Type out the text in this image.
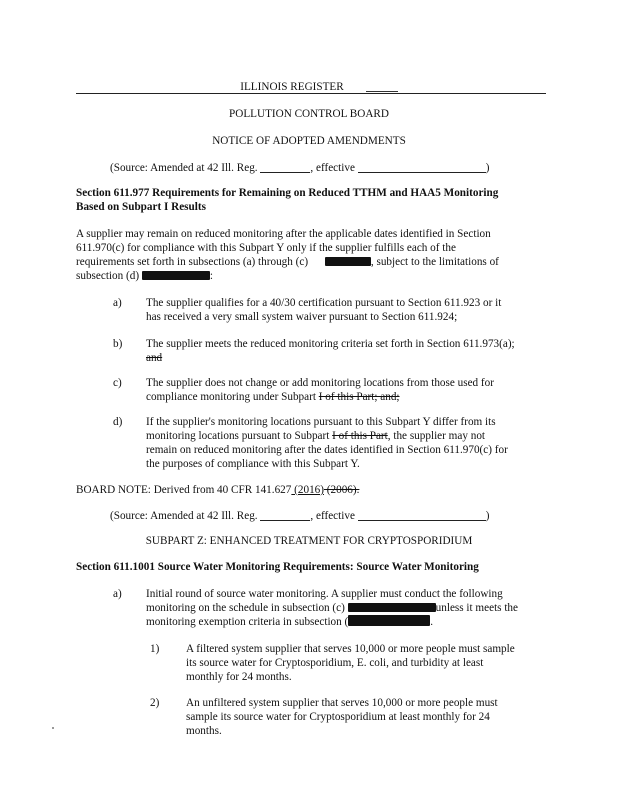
ILLINOIS REGISTER
POLLUTION CONTROL BOARD
NOTICE OF ADOPTED AMENDMENTS
(Source: Amended at 42 Ill. Reg.	, effective	)
Section 611.977 Requirements for Remaining on Reduced TTHM and HAA5 Monitoring
Based on Subpart I Results
A supplier may remain on reduced monitoring after the applicable dates identified in Section
611.970(c) for compliance with this Subpart Y only if the supplier fulfills each of the
requirements set forth in subsections (a) through (c)	, subject to the limitations of
subsection (d)	:
a) The supplier qualifies for a 40/30 certification pursuant to Section 611.923 or it
has received a very small system waiver pursuant to Section 611.924;
b) The supplier meets the reduced monitoring criteria set forth in Section 611.973(a);
and
c) The supplier does not change or add monitoring locations from those used for
compliance monitoring under Subpart I of this Part; and;
d) If the supplier's monitoring locations pursuant to this Subpart Y differ from its
monitoring locations pursuant to Subpart I of this Part, the supplier may not
remain on reduced monitoring after the dates identified in Section 611.970(c) for
the purposes of compliance with this Subpart Y.
BOARD NOTE: Derived from 40 CFR 141.627 (2016) (2006).
(Source: Amended at 42 Ill. Reg.	, effective	)
SUBPART Z: ENHANCED TREATMENT FOR CRYPTOSPORIDIUM
Section 611.1001 Source Water Monitoring Requirements: Source Water Monitoring
a) Initial round of source water monitoring. A supplier must conduct the following
monitoring on the schedule in subsection (c)	unless it meets the
monitoring exemption criteria in subsection (	.
1) A filtered system supplier that serves 10,000 or more people must sample
its source water for Cryptosporidium, E. coli, and turbidity at least
monthly for 24 months.
2) An unfiltered system supplier that serves 10,000 or more people must
sample its source water for Cryptosporidium at least monthly for 24
months.
